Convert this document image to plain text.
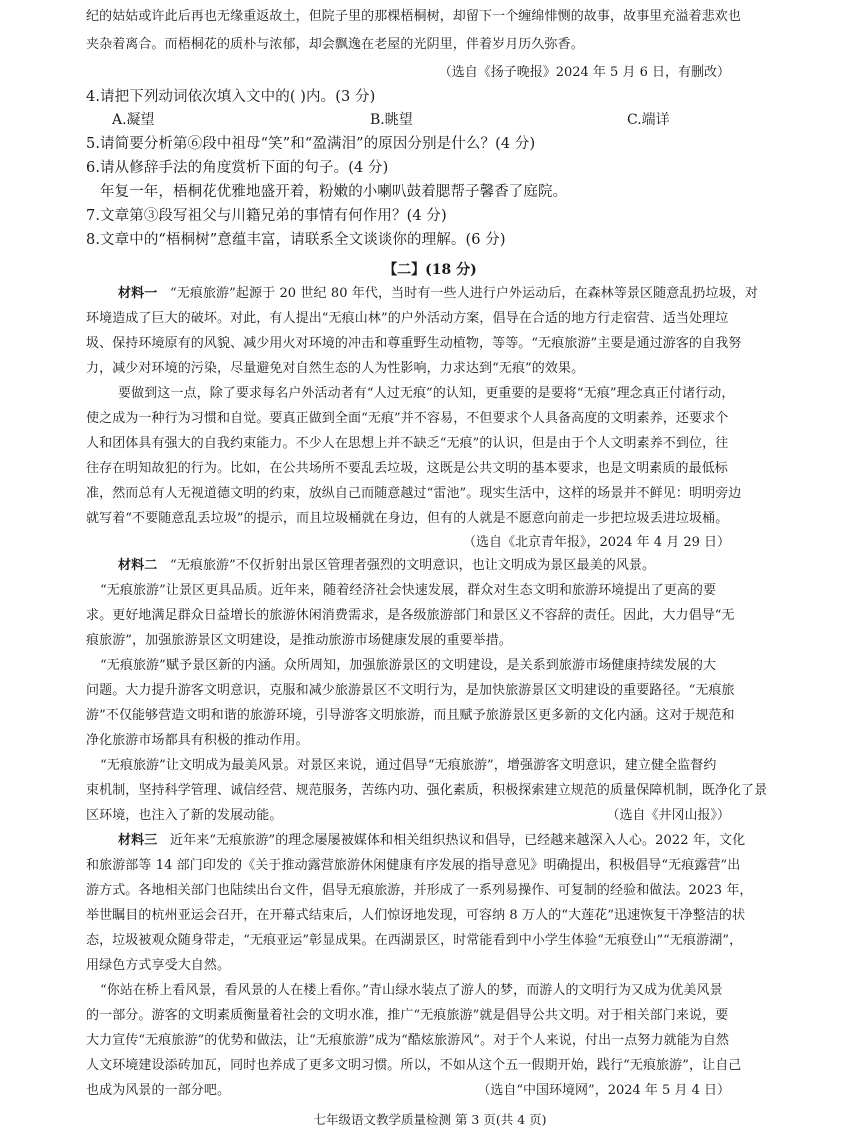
纪的姑姑或许此后再也无缘重返故土，但院子里的那棵梧桐树，却留下一个缠绵悱恻的故事，故事里充溢着悲欢也
夹杂着离合。而梧桐花的质朴与浓郁，却会飘逸在老屋的光阴里，伴着岁月历久弥香。
（选自《扬子晚报》2024 年 5 月 6 日，有删改）
4.请把下列动词依次填入文中的( )内。(3 分)
A.凝望	B.眺望	C.端详
5.请简要分析第⑥段中祖母“笑”和“盈满泪”的原因分别是什么？(4 分)
6.请从修辞手法的角度赏析下面的句子。(4 分)
年复一年，梧桐花优雅地盛开着，粉嫩的小喇叭鼓着腮帮子馨香了庭院。
7.文章第③段写祖父与川籍兄弟的事情有何作用？(4 分)
8.文章中的“梧桐树”意蕴丰富，请联系全文谈谈你的理解。(6 分)
【二】(18 分)
材料一 “无痕旅游”起源于 20 世纪 80 年代，当时有一些人进行户外运动后，在森林等景区随意乱扔垃圾，对
环境造成了巨大的破坏。对此，有人提出“无痕山林”的户外活动方案，倡导在合适的地方行走宿营、适当处理垃
圾、保持环境原有的风貌、减少用火对环境的冲击和尊重野生动植物，等等。“无痕旅游”主要是通过游客的自我努
力，减少对环境的污染，尽量避免对自然生态的人为性影响，力求达到“无痕”的效果。
要做到这一点，除了要求每名户外活动者有“人过无痕”的认知，更重要的是要将“无痕”理念真正付诸行动，
使之成为一种行为习惯和自觉。要真正做到全面“无痕”并不容易，不但要求个人具备高度的文明素养，还要求个
人和团体具有强大的自我约束能力。不少人在思想上并不缺乏“无痕”的认识，但是由于个人文明素养不到位，往
往存在明知故犯的行为。比如，在公共场所不要乱丢垃圾，这既是公共文明的基本要求，也是文明素质的最低标
准，然而总有人无视道德文明的约束，放纵自己而随意越过“雷池”。现实生活中，这样的场景并不鲜见：明明旁边
就写着“不要随意乱丢垃圾”的提示，而且垃圾桶就在身边，但有的人就是不愿意向前走一步把垃圾丢进垃圾桶。
（选自《北京青年报》，2024 年 4 月 29 日）
材料二 “无痕旅游”不仅折射出景区管理者强烈的文明意识，也让文明成为景区最美的风景。
“无痕旅游”让景区更具品质。近年来，随着经济社会快速发展，群众对生态文明和旅游环境提出了更高的要
求。更好地满足群众日益增长的旅游休闲消费需求，是各级旅游部门和景区义不容辞的责任。因此，大力倡导“无
痕旅游”，加强旅游景区文明建设，是推动旅游市场健康发展的重要举措。
“无痕旅游”赋予景区新的内涵。众所周知，加强旅游景区的文明建设，是关系到旅游市场健康持续发展的大
问题。大力提升游客文明意识，克服和减少旅游景区不文明行为，是加快旅游景区文明建设的重要路径。“无痕旅
游”不仅能够营造文明和谐的旅游环境，引导游客文明旅游，而且赋予旅游景区更多新的文化内涵。这对于规范和
净化旅游市场都具有积极的推动作用。
“无痕旅游”让文明成为最美风景。对景区来说，通过倡导“无痕旅游”，增强游客文明意识，建立健全监督约
束机制，坚持科学管理、诚信经营、规范服务，苦练内功、强化素质，积极探索建立规范的质量保障机制，既净化了景
区环境，也注入了新的发展动能。	（选自《井冈山报》）
材料三 近年来“无痕旅游”的理念屡屡被媒体和相关组织热议和倡导，已经越来越深入人心。2022 年，文化
和旅游部等 14 部门印发的《关于推动露营旅游休闲健康有序发展的指导意见》明确提出，积极倡导“无痕露营”出
游方式。各地相关部门也陆续出台文件，倡导无痕旅游，并形成了一系列易操作、可复制的经验和做法。2023 年，
举世瞩目的杭州亚运会召开，在开幕式结束后，人们惊讶地发现，可容纳 8 万人的“大莲花”迅速恢复干净整洁的状
态，垃圾被观众随身带走，“无痕亚运”彰显成果。在西湖景区，时常能看到中小学生体验“无痕登山”“无痕游湖”，
用绿色方式享受大自然。
“你站在桥上看风景，看风景的人在楼上看你。”青山绿水装点了游人的梦，而游人的文明行为又成为优美风景
的一部分。游客的文明素质衡量着社会的文明水准，推广“无痕旅游”就是倡导公共文明。对于相关部门来说，要
大力宣传“无痕旅游”的优势和做法，让“无痕旅游”成为“酷炫旅游风”。对于个人来说，付出一点努力就能为自然
人文环境建设添砖加瓦，同时也养成了更多文明习惯。所以，不如从这个五一假期开始，践行“无痕旅游”，让自己
也成为风景的一部分吧。	（选自“中国环境网”，2024 年 5 月 4 日）
七年级语文教学质量检测 第 3 页(共 4 页)
